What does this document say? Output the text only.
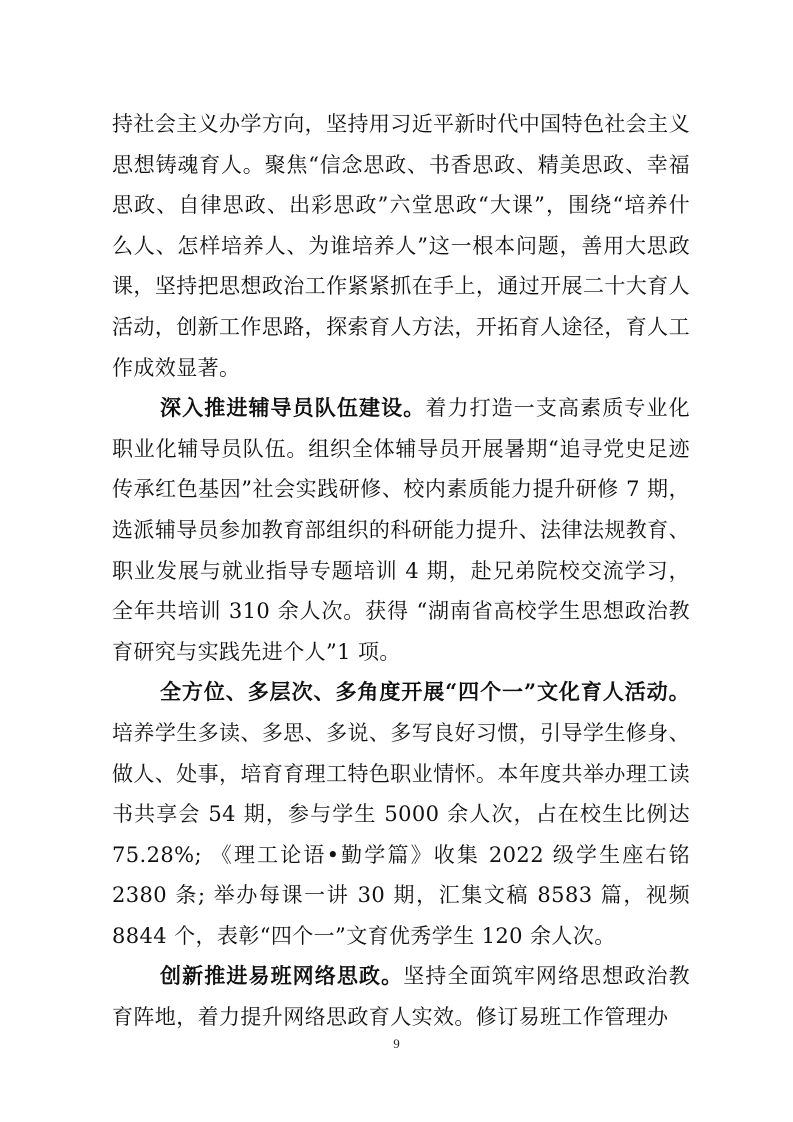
持社会主义办学方向，坚持用习近平新时代中国特色社会主义思想铸魂育人。聚焦“信念思政、书香思政、精美思政、幸福思政、自律思政、出彩思政”六堂思政“大课”，围绕“培养什么人、怎样培养人、为谁培养人”这一根本问题，善用大思政课，坚持把思想政治工作紧紧抓在手上，通过开展二十大育人活动，创新工作思路，探索育人方法，开拓育人途径，育人工作成效显著。

深入推进辅导员队伍建设。着力打造一支高素质专业化职业化辅导员队伍。组织全体辅导员开展暑期“追寻党史足迹 传承红色基因”社会实践研修、校内素质能力提升研修 7 期，选派辅导员参加教育部组织的科研能力提升、法律法规教育、职业发展与就业指导专题培训 4 期，赴兄弟院校交流学习，全年共培训 310 余人次。获得 “湖南省高校学生思想政治教育研究与实践先进个人”1 项。

全方位、多层次、多角度开展“四个一”文化育人活动。培养学生多读、多思、多说、多写良好习惯，引导学生修身、做人、处事，培育育理工特色职业情怀。本年度共举办理工读书共享会 54 期，参与学生 5000 余人次，占在校生比例达75.28%; 《理工论语•勤学篇》收集 2022 级学生座右铭 2380 条; 举办每课一讲 30 期，汇集文稿 8583 篇，视频 8844 个，表彰“四个一”文育优秀学生 120 余人次。

创新推进易班网络思政。坚持全面筑牢网络思想政治教育阵地，着力提升网络思政育人实效。修订易班工作管理办

9
